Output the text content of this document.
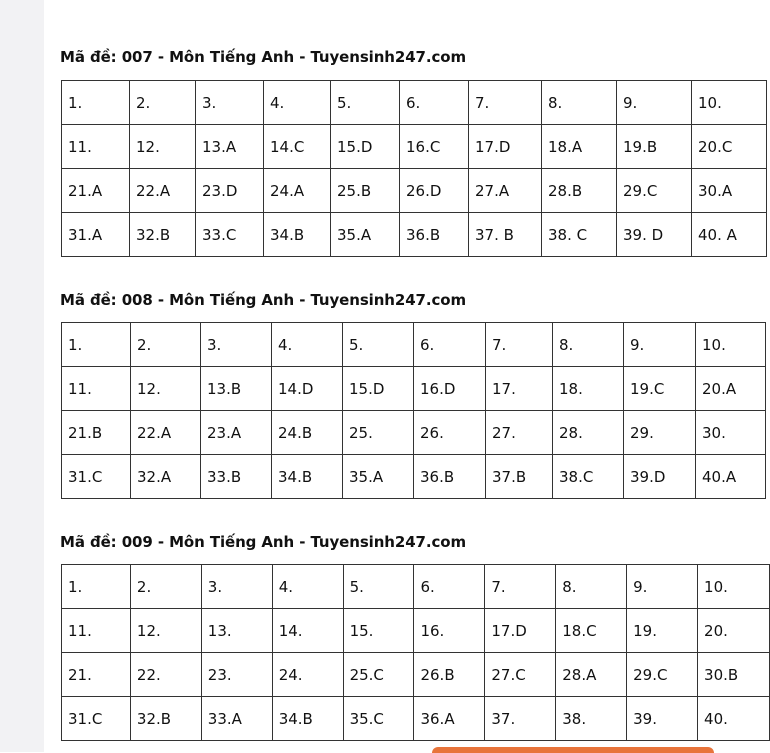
Mã đề: 007 - Môn Tiếng Anh - Tuyensinh247.com
1.	2.	3.	4.	5.	6.	7.	8.	9.	10.
11.	12.	13.A	14.C	15.D	16.C	17.D	18.A	19.B	20.C
21.A	22.A	23.D	24.A	25.B	26.D	27.A	28.B	29.C	30.A
31.A	32.B	33.C	34.B	35.A	36.B	37. B	38. C	39. D	40. A
Mã đề: 008 - Môn Tiếng Anh - Tuyensinh247.com
1.	2.	3.	4.	5.	6.	7.	8.	9.	10.
11.	12.	13.B	14.D	15.D	16.D	17.	18.	19.C	20.A
21.B	22.A	23.A	24.B	25.	26.	27.	28.	29.	30.
31.C	32.A	33.B	34.B	35.A	36.B	37.B	38.C	39.D	40.A
Mã đề: 009 - Môn Tiếng Anh - Tuyensinh247.com
1.	2.	3.	4.	5.	6.	7.	8.	9.	10.
11.	12.	13.	14.	15.	16.	17.D	18.C	19.	20.
21.	22.	23.	24.	25.C	26.B	27.C	28.A	29.C	30.B
31.C	32.B	33.A	34.B	35.C	36.A	37.	38.	39.	40.
